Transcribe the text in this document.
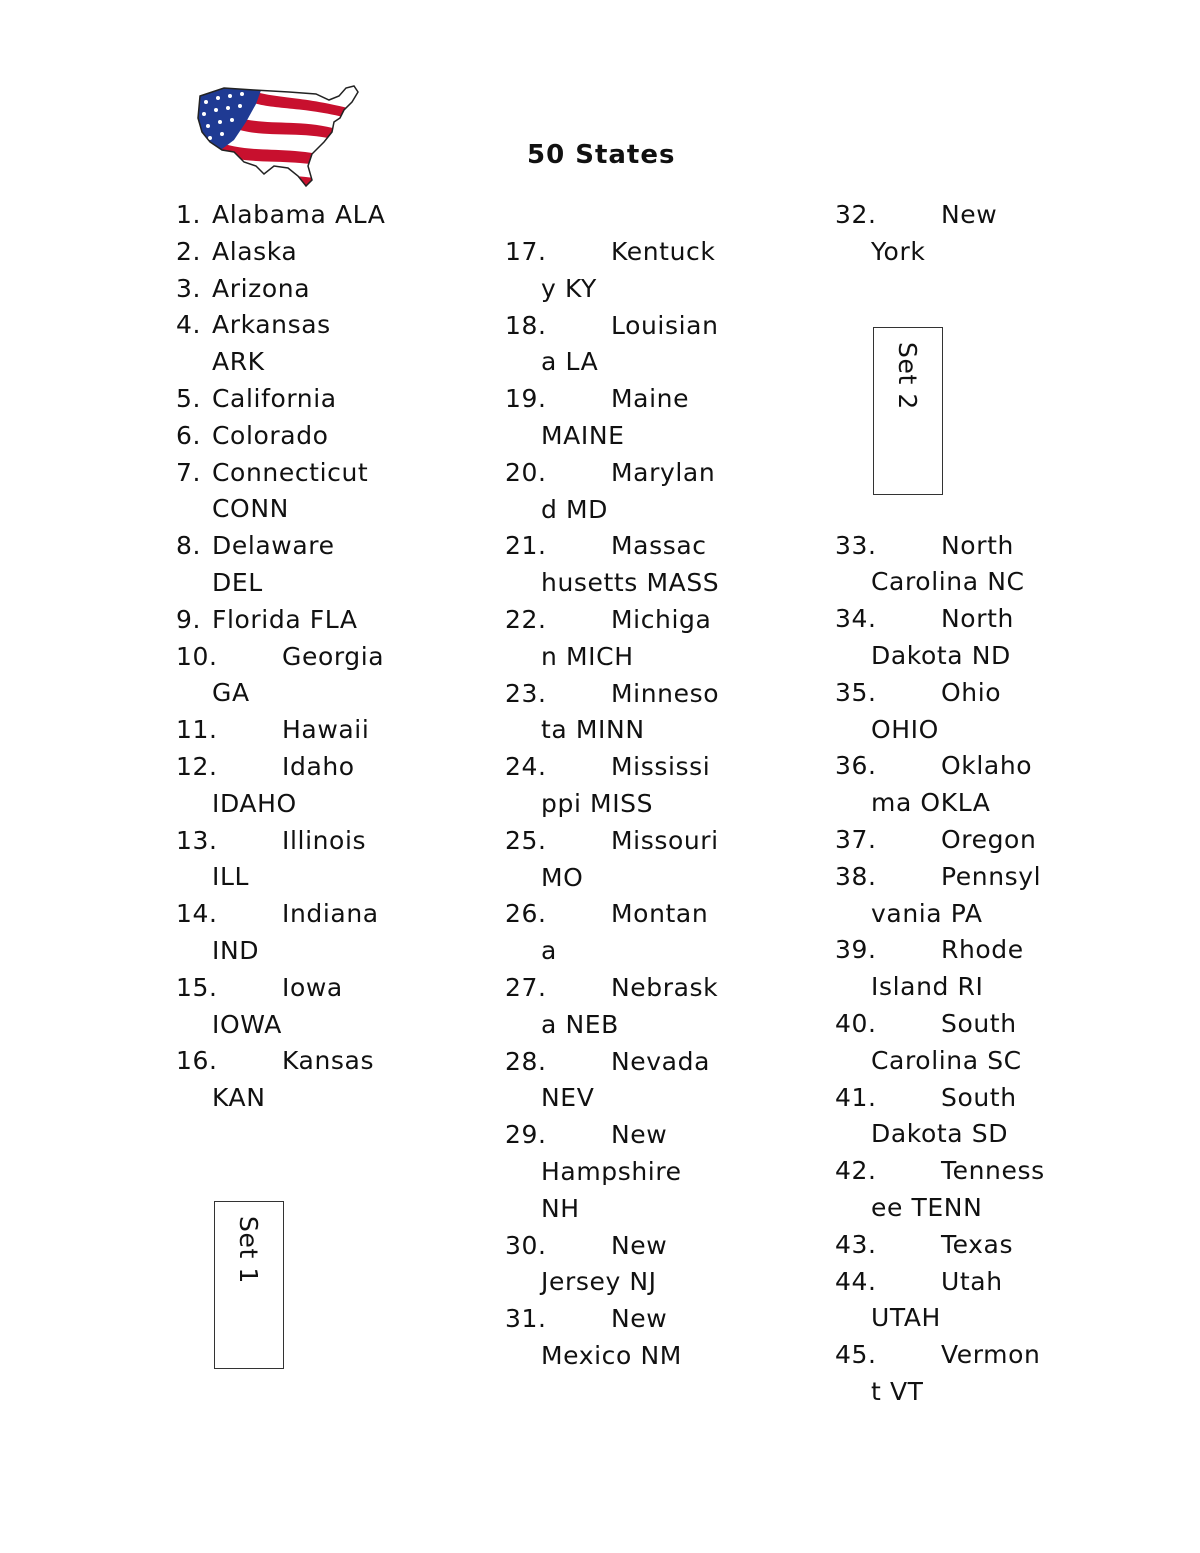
50 States
1. Alabama ALA
2. Alaska
3. Arizona
4. Arkansas
ARK
5. California
6. Colorado
7. Connecticut
CONN
8. Delaware
DEL
9. Florida FLA
10.	Georgia
GA
11.	Hawaii
12.	Idaho
IDAHO
13.	Illinois
ILL
14.	Indiana
IND
15.	Iowa
IOWA
16.	Kansas
KAN
17.	Kentuck
y KY
18.	Louisian
a LA
19.	Maine
MAINE
20.	Marylan
d MD
21.	Massac
husetts MASS
22.	Michiga
n MICH
23.	Minneso
ta MINN
24.	Mississi
ppi MISS
25.	Missouri
MO
26.	Montan
a
27.	Nebrask
a NEB
28.	Nevada
NEV
29.	New
Hampshire
NH
30.	New
Jersey NJ
31.	New
Mexico NM
32.	New
York
33.	North
Carolina NC
34.	North
Dakota ND
35.	Ohio
OHIO
36.	Oklaho
ma OKLA
37.	Oregon
38.	Pennsyl
vania PA
39.	Rhode
Island RI
40.	South
Carolina SC
41.	South
Dakota SD
42.	Tenness
ee TENN
43.	Texas
44.	Utah
UTAH
45.	Vermon
t VT
Set 1
Set 2
